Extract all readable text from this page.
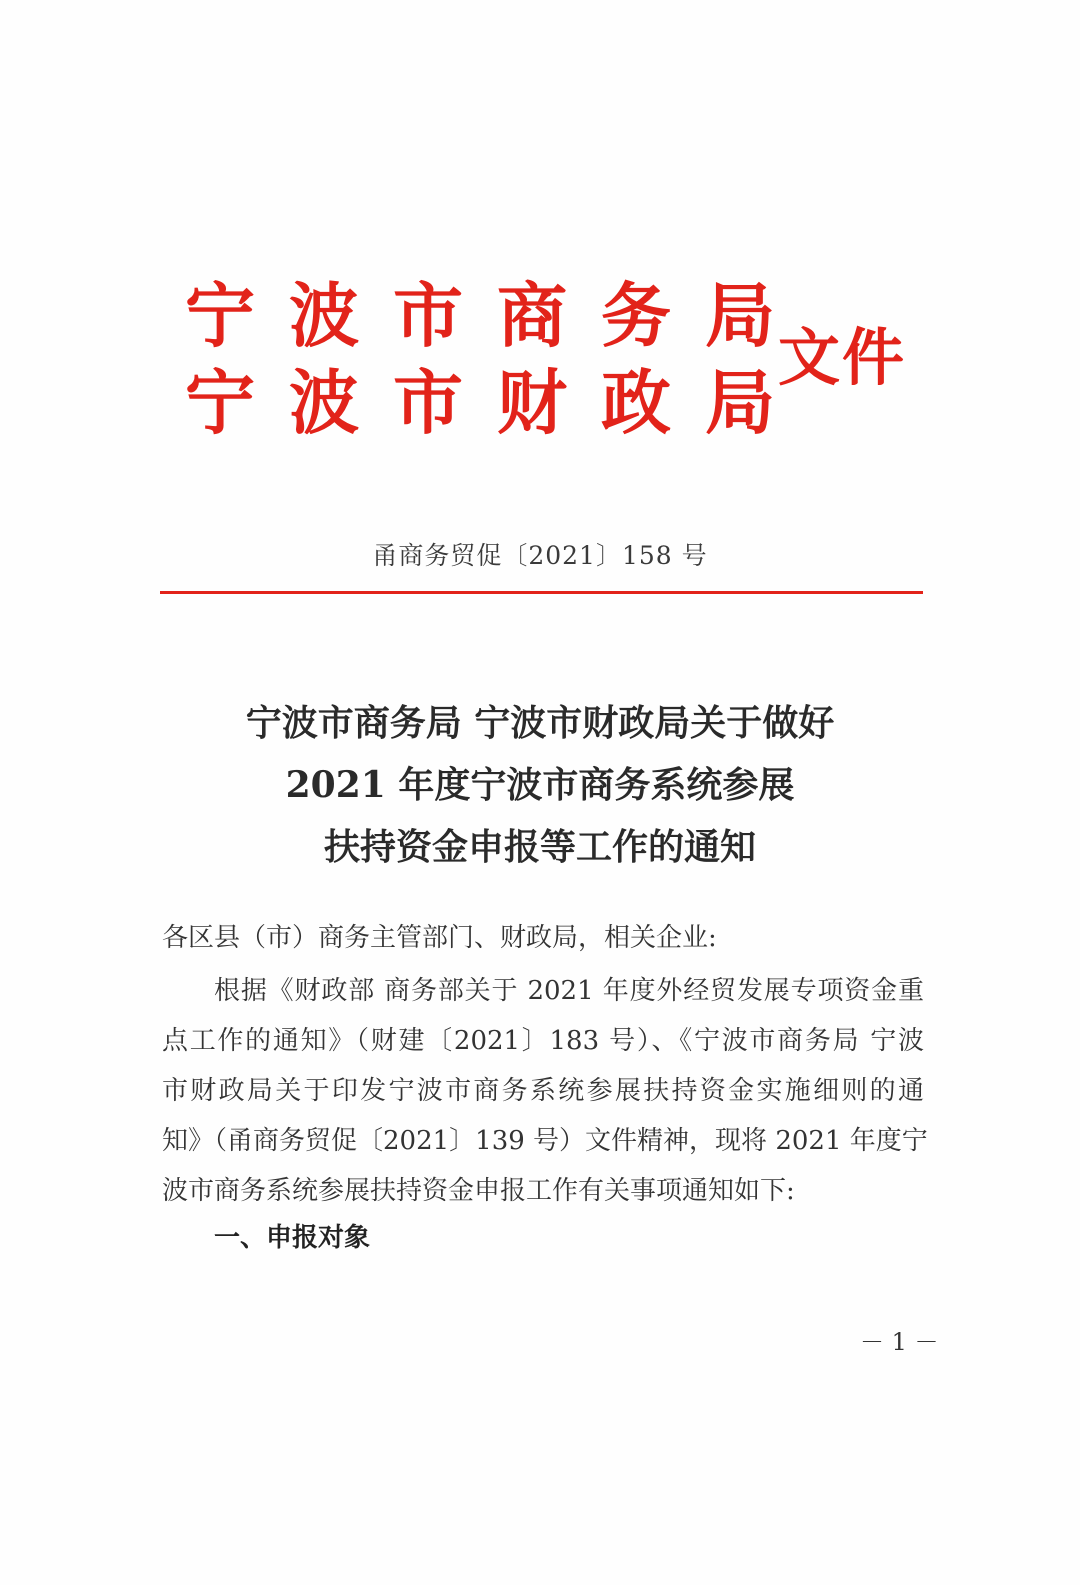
宁 波 市 商 务 局
宁 波 市 财 政 局
文件
甬商务贸促〔2021〕158 号
宁波市商务局 宁波市财政局关于做好
2021 年度宁波市商务系统参展
扶持资金申报等工作的通知
各区县（市）商务主管部门、财政局，相关企业:
根据《财政部 商务部关于 2021 年度外经贸发展专项资金重
点工作的通知》（财建〔2021〕183 号）、《宁波市商务局 宁波
市财政局关于印发宁波市商务系统参展扶持资金实施细则的通
知》（甬商务贸促〔2021〕139 号）文件精神，现将 2021 年度宁
波市商务系统参展扶持资金申报工作有关事项通知如下:
一、申报对象
－ 1 －
